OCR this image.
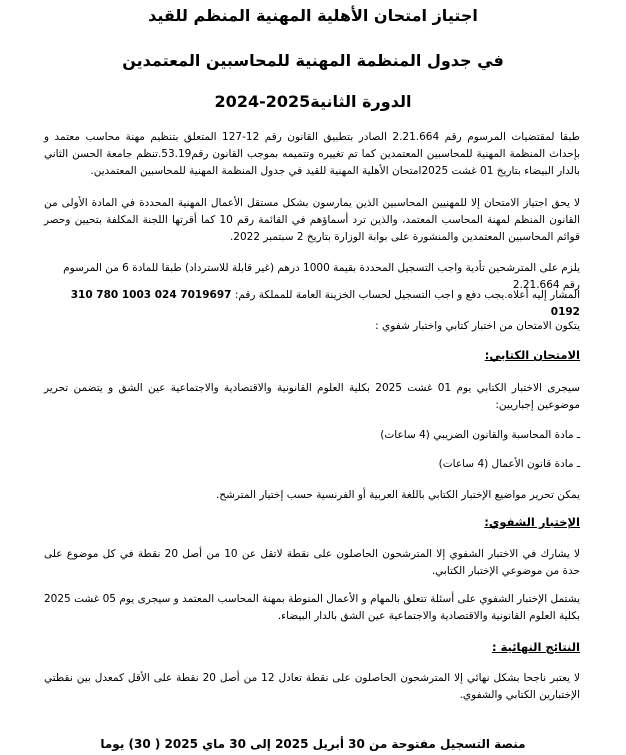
اجتياز امتحان الأهلية المهنية المنظم للقيد
في جدول المنظمة المهنية للمحاسبين المعتمدين
الدورة الثانية2025-2024

طبقا لمقتضيات المرسوم رقم 2.21.664 الصادر بتطبيق القانون رقم 12-127 المتعلق بتنظيم مهنة محاسب معتمد و بإحداث المنظمة المهنية للمحاسبين المعتمدين كما تم تغييره وتتميمه بموجب القانون رقم53.19.تنظم جامعة الحسن الثاني بالدار البيضاء بتاريخ 01 غشت 2025امتحان الأهلية المهنية للقيد في جدول المنظمة المهنية للمحاسبين المعتمدين.

لا يحق اجتياز الامتحان إلا للمهنيين المحاسبين الذين يمارسون بشكل مستقل الأعمال المهنية المحددة في المادة الأولى من القانون المنظم لمهنة المحاسب المعتمد، والذين ترد أسماؤهم في القائمة رقم 10 كما أقرتها اللجنة المكلفة بتحيين وحصر قوائم المحاسبين المعتمدين والمنشورة على بوابة الوزارة بتاريخ 2 سبتمبر 2022.

يلزم على المترشحين تأدية واجب التسجيل المحددة بقيمة 1000 درهم (غير قابلة للاسترداد) طبقا للمادة 6 من المرسوم رقم 2.21.664

المشار إليه أعلاه.يجب دفع و اجب التسجيل لحساب الخزينة العامة للمملكة رقم: 310 780 1003 024 7019697 0192

يتكون الامتحان من اختبار كتابي واختبار شفوي :

الامتحان الكتابي:

سيجرى الاختبار الكتابي يوم 01 غشت 2025 بكلية العلوم القانونية والاقتصادية والاجتماعية عين الشق و يتضمن تحرير موضوعين إجباريين:

ـ مادة المحاسبة والقانون الضريبي (4 ساعات)

ـ مادة قانون الأعمال (4 ساعات)

يمكن تحرير مواضيع الإختبار الكتابي باللغة العربية أو الفرنسية حسب إختيار المترشح.

الإختبار الشفوي:

لا يشارك في الاختبار الشفوي إلا المترشحون الحاصلون على نقطة لاتقل عن 10 من أصل 20 نقطة في كل موضوع على حدة من موضوعي الإختبار الكتابي.

يشتمل الإختبار الشفوي على أسئلة تتعلق بالمهام و الأعمال المنوطة بمهنة المحاسب المعتمد و سيجرى يوم 05 غشت 2025 بكلية العلوم القانونية والاقتصادية والاجتماعية عين الشق بالدار البيضاء.

النتائج النهائية :

لا يعتبر ناجحا بشكل نهائي إلا المترشحون الحاصلون على نقطة تعادل 12 من أصل 20 نقطة على الأقل كمعدل بين نقطتي الإختبارين الكتابي والشفوي.

منصة التسجيل مفتوحة من 30 أبريل 2025 إلى 30 ماي 2025 ( 30) يوما
